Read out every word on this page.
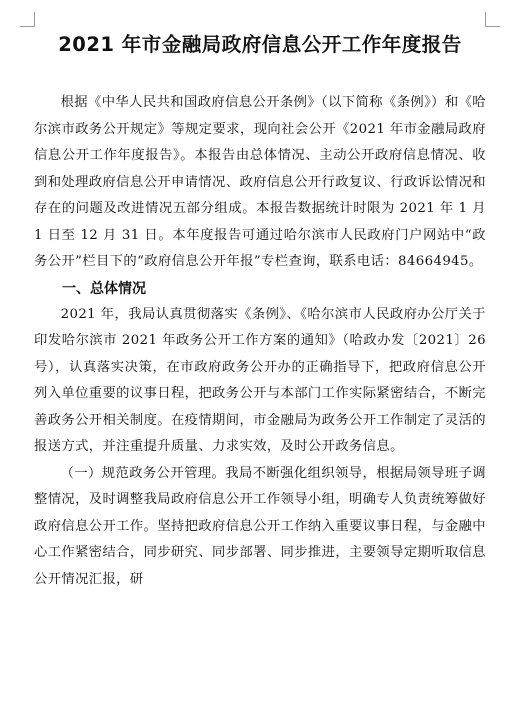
2021 年市金融局政府信息公开工作年度报告

根据《中华人民共和国政府信息公开条例》（以下简称《条例》）和《哈尔滨市政务公开规定》等规定要求，现向社会公开《2021 年市金融局政府信息公开工作年度报告》。本报告由总体情况、主动公开政府信息情况、收到和处理政府信息公开申请情况、政府信息公开行政复议、行政诉讼情况和存在的问题及改进情况五部分组成。本报告数据统计时限为 2021 年 1 月 1 日至 12 月 31 日。本年度报告可通过哈尔滨市人民政府门户网站中“政务公开”栏目下的“政府信息公开年报”专栏查询，联系电话：84664945。

一、总体情况

2021 年，我局认真贯彻落实《条例》、《哈尔滨市人民政府办公厅关于印发哈尔滨市 2021 年政务公开工作方案的通知》（哈政办发〔2021〕26 号），认真落实决策，在市政府政务公开办的正确指导下，把政府信息公开列入单位重要的议事日程，把政务公开与本部门工作实际紧密结合，不断完善政务公开相关制度。在疫情期间，市金融局为政务公开工作制定了灵活的报送方式，并注重提升质量、力求实效，及时公开政务信息。

（一）规范政务公开管理。我局不断强化组织领导，根据局领导班子调整情况，及时调整我局政府信息公开工作领导小组，明确专人负责统筹做好政府信息公开工作。坚持把政府信息公开工作纳入重要议事日程，与金融中心工作紧密结合，同步研究、同步部署、同步推进，主要领导定期听取信息公开情况汇报，研
